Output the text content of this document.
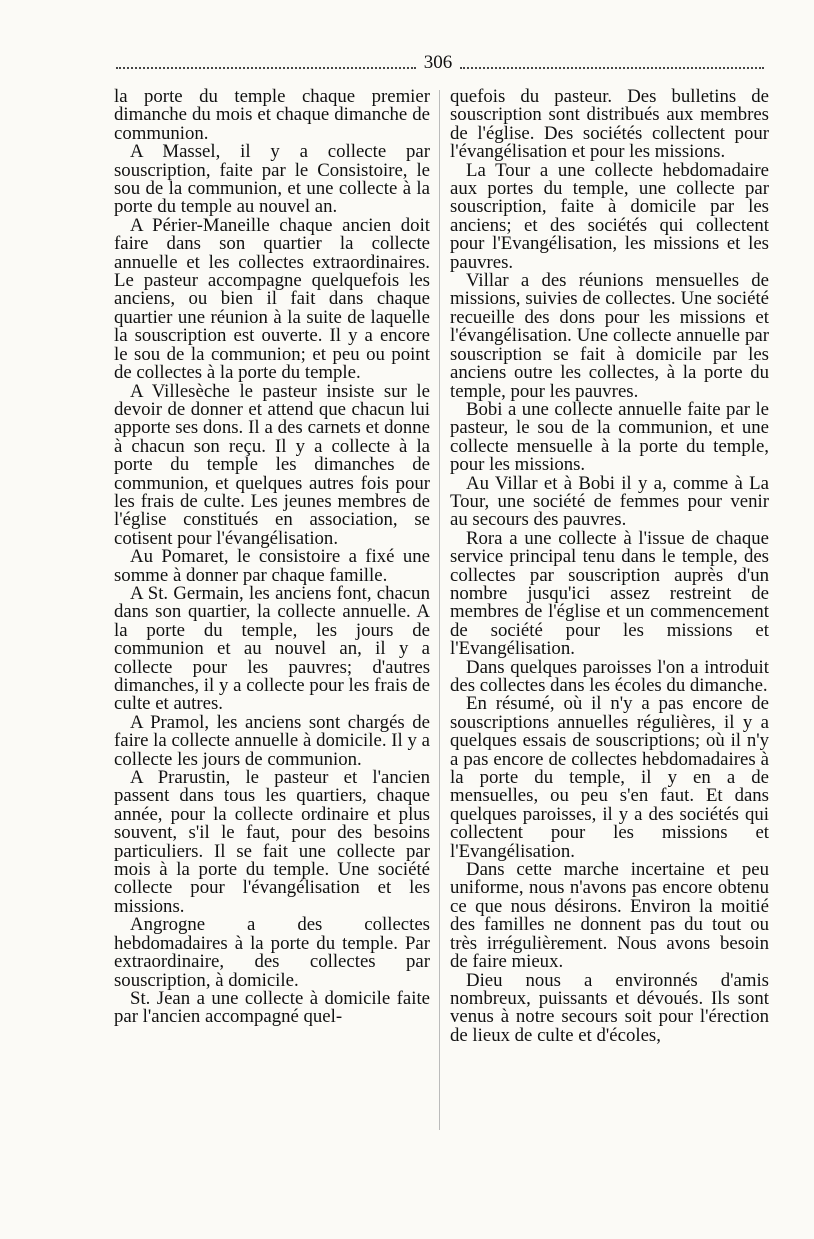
306

la porte du temple chaque premier dimanche du mois et chaque dimanche de communion.

A Massel, il y a collecte par souscription, faite par le Consistoire, le sou de la communion, et une collecte à la porte du temple au nouvel an.

A Périer-Maneille chaque ancien doit faire dans son quartier la collecte annuelle et les collectes extraordinaires. Le pasteur accompagne quelquefois les anciens, ou bien il fait dans chaque quartier une réunion à la suite de laquelle la souscription est ouverte. Il y a encore le sou de la communion; et peu ou point de collectes à la porte du temple.

A Villesèche le pasteur insiste sur le devoir de donner et attend que chacun lui apporte ses dons. Il a des carnets et donne à chacun son reçu. Il y a collecte à la porte du temple les dimanches de communion, et quelques autres fois pour les frais de culte. Les jeunes membres de l'église constitués en association, se cotisent pour l'évangélisation.

Au Pomaret, le consistoire a fixé une somme à donner par chaque famille.

A St. Germain, les anciens font, chacun dans son quartier, la collecte annuelle. A la porte du temple, les jours de communion et au nouvel an, il y a collecte pour les pauvres; d'autres dimanches, il y a collecte pour les frais de culte et autres.

A Pramol, les anciens sont chargés de faire la collecte annuelle à domicile. Il y a collecte les jours de communion.

A Prarustin, le pasteur et l'ancien passent dans tous les quartiers, chaque année, pour la collecte ordinaire et plus souvent, s'il le faut, pour des besoins particuliers. Il se fait une collecte par mois à la porte du temple. Une société collecte pour l'évangélisation et les missions.

Angrogne a des collectes hebdomadaires à la porte du temple. Par extraordinaire, des collectes par souscription, à domicile.

St. Jean a une collecte à domicile faite par l'ancien accompagné quel-

quefois du pasteur. Des bulletins de souscription sont distribués aux membres de l'église. Des sociétés collectent pour l'évangélisation et pour les missions.

La Tour a une collecte hebdomadaire aux portes du temple, une collecte par souscription, faite à domicile par les anciens; et des sociétés qui collectent pour l'Evangélisation, les missions et les pauvres.

Villar a des réunions mensuelles de missions, suivies de collectes. Une société recueille des dons pour les missions et l'évangélisation. Une collecte annuelle par souscription se fait à domicile par les anciens outre les collectes, à la porte du temple, pour les pauvres.

Bobi a une collecte annuelle faite par le pasteur, le sou de la communion, et une collecte mensuelle à la porte du temple, pour les missions.

Au Villar et à Bobi il y a, comme à La Tour, une société de femmes pour venir au secours des pauvres.

Rora a une collecte à l'issue de chaque service principal tenu dans le temple, des collectes par souscription auprès d'un nombre jusqu'ici assez restreint de membres de l'église et un commencement de société pour les missions et l'Evangélisation.

Dans quelques paroisses l'on a introduit des collectes dans les écoles du dimanche.

En résumé, où il n'y a pas encore de souscriptions annuelles régulières, il y a quelques essais de souscriptions; où il n'y a pas encore de collectes hebdomadaires à la porte du temple, il y en a de mensuelles, ou peu s'en faut. Et dans quelques paroisses, il y a des sociétés qui collectent pour les missions et l'Evangélisation.

Dans cette marche incertaine et peu uniforme, nous n'avons pas encore obtenu ce que nous désirons. Environ la moitié des familles ne donnent pas du tout ou très irrégulièrement. Nous avons besoin de faire mieux.

Dieu nous a environnés d'amis nombreux, puissants et dévoués. Ils sont venus à notre secours soit pour l'érection de lieux de culte et d'écoles,
